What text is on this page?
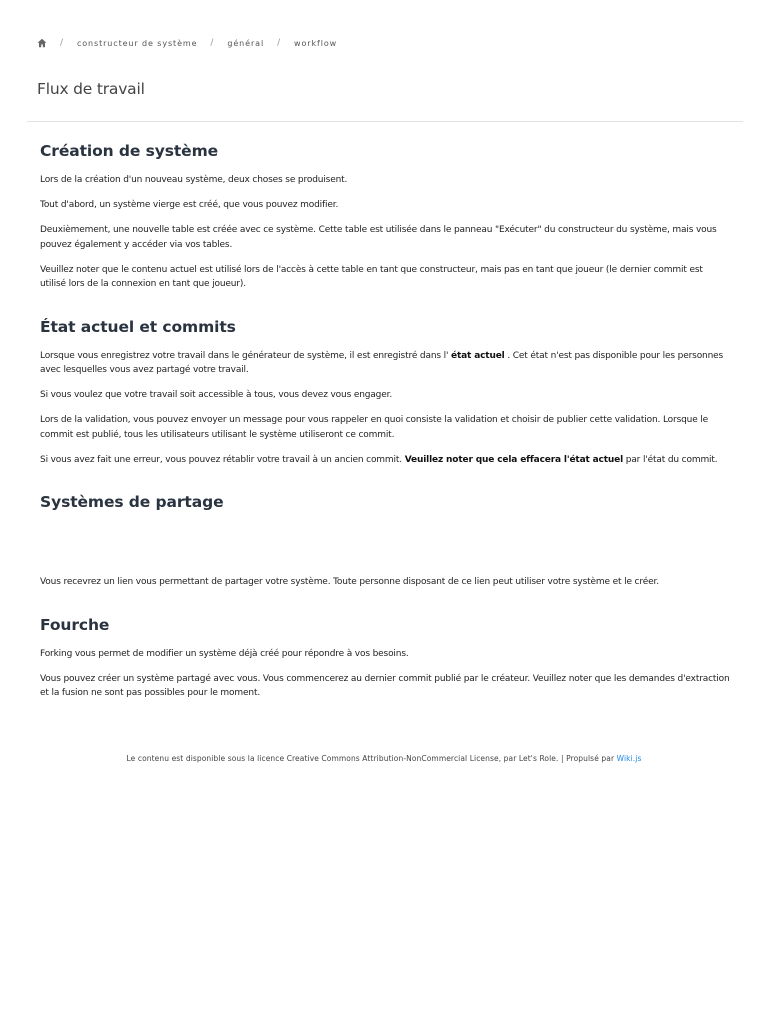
/ constructeur de système / général / workflow
Flux de travail
Création de système

Lors de la création d'un nouveau système, deux choses se produisent.

Tout d'abord, un système vierge est créé, que vous pouvez modifier.

Deuxièmement, une nouvelle table est créée avec ce système. Cette table est utilisée dans le panneau "Exécuter" du constructeur du système, mais vous pouvez également y accéder via vos tables.

Veuillez noter que le contenu actuel est utilisé lors de l'accès à cette table en tant que constructeur, mais pas en tant que joueur (le dernier commit est utilisé lors de la connexion en tant que joueur).

État actuel et commits

Lorsque vous enregistrez votre travail dans le générateur de système, il est enregistré dans l' état actuel . Cet état n'est pas disponible pour les personnes avec lesquelles vous avez partagé votre travail.

Si vous voulez que votre travail soit accessible à tous, vous devez vous engager.

Lors de la validation, vous pouvez envoyer un message pour vous rappeler en quoi consiste la validation et choisir de publier cette validation. Lorsque le commit est publié, tous les utilisateurs utilisant le système utiliseront ce commit.

Si vous avez fait une erreur, vous pouvez rétablir votre travail à un ancien commit. Veuillez noter que cela effacera l'état actuel par l'état du commit.

Systèmes de partage

Vous recevrez un lien vous permettant de partager votre système. Toute personne disposant de ce lien peut utiliser votre système et le créer.

Fourche

Forking vous permet de modifier un système déjà créé pour répondre à vos besoins.

Vous pouvez créer un système partagé avec vous. Vous commencerez au dernier commit publié par le créateur. Veuillez noter que les demandes d'extraction et la fusion ne sont pas possibles pour le moment.

Le contenu est disponible sous la licence Creative Commons Attribution-NonCommercial License, par Let's Role. | Propulsé par Wiki.js
